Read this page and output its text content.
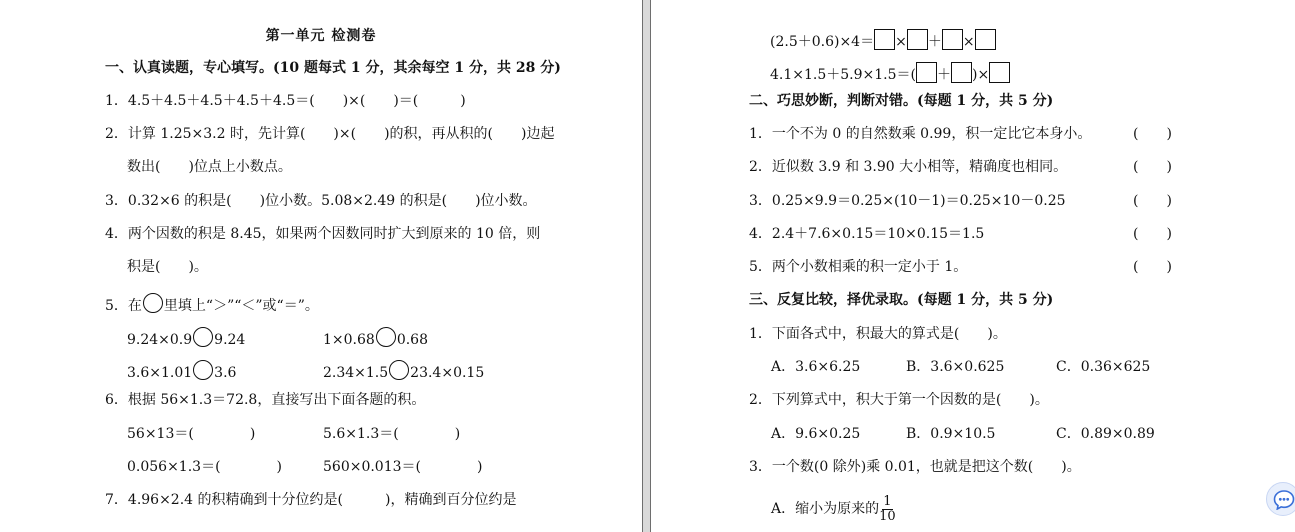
第一单元 检测卷
一、认真读题，专心填写。(10 题每式 1 分，其余每空 1 分，共 28 分)
1．4.5＋4.5＋4.5＋4.5＋4.5＝(　　)×(　　)＝(　　　)
2．计算 1.25×3.2 时，先计算(　　)×(　　)的积，再从积的(　　)边起
数出(　　)位点上小数点。
3．0.32×6 的积是(　　)位小数。5.08×2.49 的积是(　　)位小数。
4．两个因数的积是 8.45，如果两个因数同时扩大到原来的 10 倍，则
积是(　　)。
5．在 里填上“＞”“＜”或“＝”。
9.24×0.9 9.24	1×0.68 0.68
3.6×1.01 3.6	2.34×1.5 23.4×0.15
6．根据 56×1.3＝72.8，直接写出下面各题的积。
56×13＝(　　　　)	5.6×1.3＝(　　　　)
0.056×1.3＝(　　　　)	560×0.013＝(　　　　)
7．4.96×2.4 的积精确到十分位约是(　　　)，精确到百分位约是
(2.5＋0.6)×4＝ × ＋ ×
4.1×1.5＋5.9×1.5＝( ＋ )×
二、巧思妙断，判断对错。(每题 1 分，共 5 分)
1．一个不为 0 的自然数乘 0.99，积一定比它本身小。	(　　)
2．近似数 3.9 和 3.90 大小相等，精确度也相同。	(　　)
3．0.25×9.9＝0.25×(10－1)＝0.25×10－0.25	(　　)
4．2.4＋7.6×0.15＝10×0.15＝1.5	(　　)
5．两个小数相乘的积一定小于 1。	(　　)
三、反复比较，择优录取。(每题 1 分，共 5 分)
1．下面各式中，积最大的算式是(　　)。
A．3.6×6.25	B．3.6×0.625	C．0.36×625
2．下列算式中，积大于第一个因数的是(　　)。
A．9.6×0.25	B．0.9×10.5	C．0.89×0.89
3．一个数(0 除外)乘 0.01，也就是把这个数(　　)。
A．缩小为原来的 $\frac{1}{10}$
